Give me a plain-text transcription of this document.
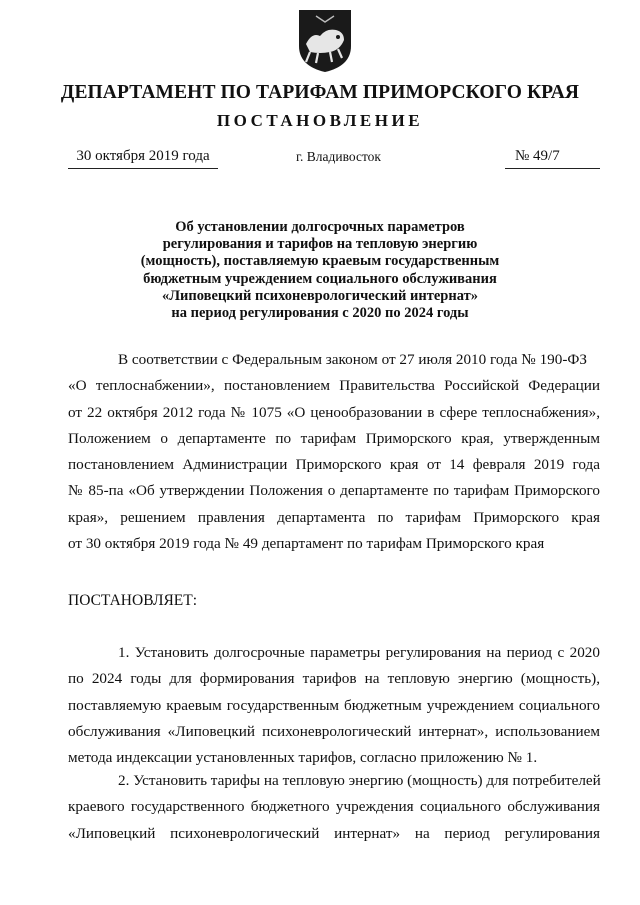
ДЕПАРТАМЕНТ ПО ТАРИФАМ ПРИМОРСКОГО КРАЯ
ПОСТАНОВЛЕНИЕ
30 октября 2019 года	г. Владивосток	№ 49/7

Об установлении долгосрочных параметров
регулирования и тарифов на тепловую энергию
(мощность), поставляемую краевым государственным
бюджетным учреждением социального обслуживания
«Липовецкий психоневрологический интернат»
на период регулирования с 2020 по 2024 годы

В соответствии с Федеральным законом от 27 июля 2010 года № 190-ФЗ
«О теплоснабжении», постановлением Правительства Российской Федерации
от 22 октября 2012 года № 1075 «О ценообразовании в сфере теплоснабжения»,
Положением о департаменте по тарифам Приморского края, утвержденным
постановлением Администрации Приморского края от 14 февраля 2019 года
№ 85-па «Об утверждении Положения о департаменте по тарифам Приморского
края», решением правления департамента по тарифам Приморского края
от 30 октября 2019 года № 49 департамент по тарифам Приморского края

ПОСТАНОВЛЯЕТ:

1. Установить долгосрочные параметры регулирования на период с 2020
по 2024 годы для формирования тарифов на тепловую энергию (мощность),
поставляемую краевым государственным бюджетным учреждением социального
обслуживания «Липовецкий психоневрологический интернат», использованием
метода индексации установленных тарифов, согласно приложению № 1.

2. Установить тарифы на тепловую энергию (мощность) для потребителей
краевого государственного бюджетного учреждения социального обслуживания
«Липовецкий психоневрологический интернат» на период регулирования
